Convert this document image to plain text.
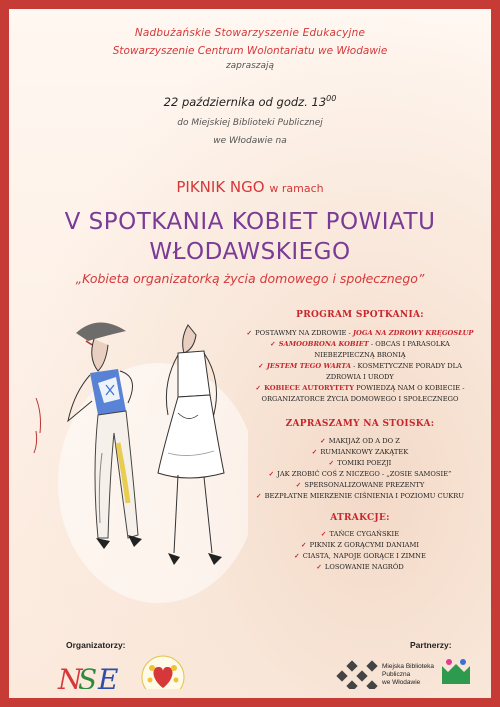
Nadbużańskie Stowarzyszenie Edukacyjne
Stowarzyszenie Centrum Wolontariatu we Włodawie
zapraszają
22 października od godz. $13^{00}$
do Miejskiej Biblioteki Publicznej
we Włodawie na
PIKNIK NGO w ramach
V SPOTKANIA KOBIET POWIATU
WŁODAWSKIEGO
„Kobieta organizatorką życia domowego i społecznego”

PROGRAM SPOTKANIA:

✓ POSTAWMY NA ZDROWIE - JOGA NA ZDROWY KRĘGOSŁUP
✓ SAMOOBRONA KOBIET - OBCAS I PARASOLKA NIEBEZPIECZNĄ BRONIĄ
✓ JESTEM TEGO WARTA - KOSMETYCZNE PORADY DLA ZDROWIA I URODY
✓ KOBIECE AUTORYTETY POWIEDZĄ NAM O KOBIECIE - ORGANIZATORCE ŻYCIA DOMOWEGO I SPOŁECZNEGO

ZAPRASZAMY NA STOISKA:

✓ MAKIJAŻ OD A DO Z
✓ RUMIANKOWY ZAKĄTEK
✓ TOMIKI POEZJI
✓ JAK ZROBIĆ COŚ Z NICZEGO - „ZOSIE SAMOSIE”
✓ SPERSONALIZOWANE PREZENTY
✓ BEZPŁATNE MIERZENIE CIŚNIENIA I POZIOMU CUKRU

ATRAKCJE:

✓ TAŃCE CYGAŃSKIE
✓ PIKNIK Z GORĄCYMI DANIAMI
✓ CIASTA, NAPOJE GORĄCE I ZIMNE
✓ LOSOWANIE NAGRÓD
Organizatorzy:	Partnerzy:
N
S E	Miejska Biblioteka
Publiczna
we Włodawie
WŁODAWA
